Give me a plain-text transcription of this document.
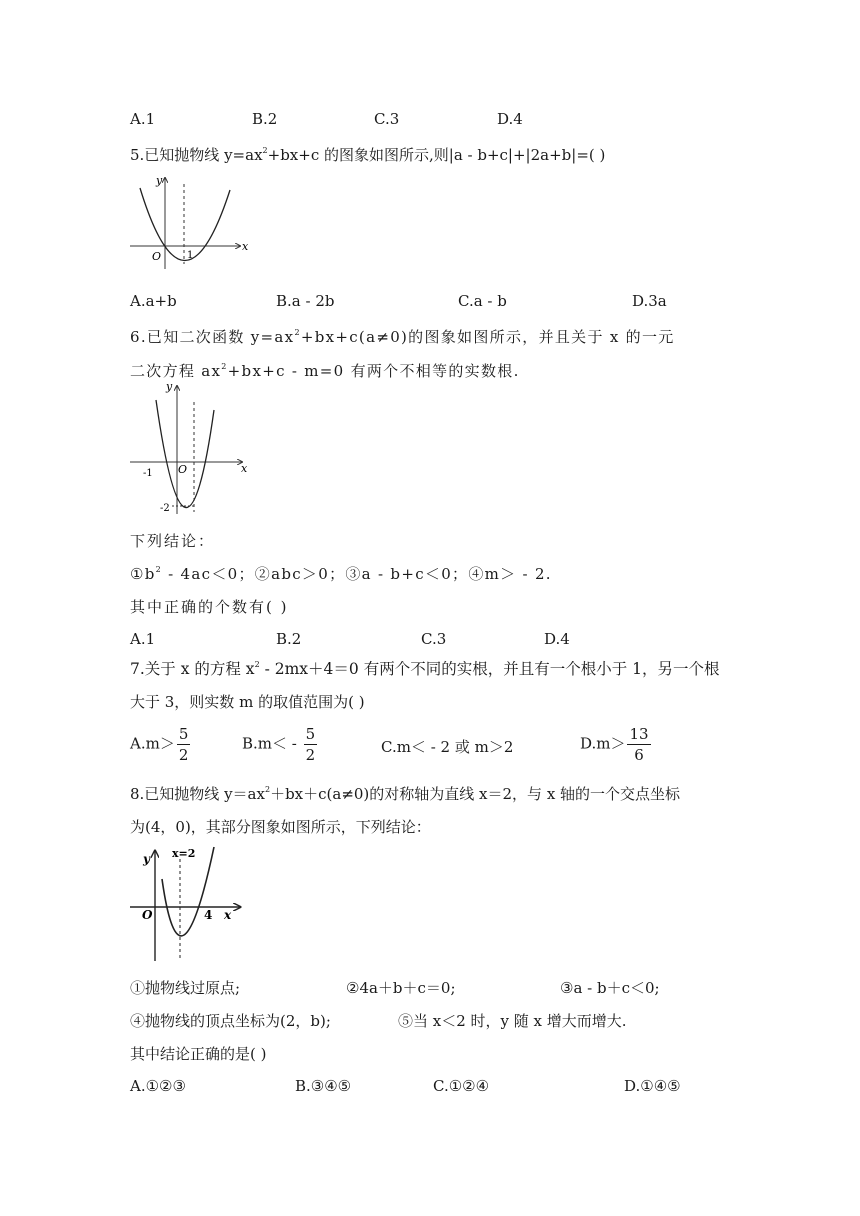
A.1	B.2	C.3	D.4
5.已知抛物线 $y=ax^2+bx+c$ 的图象如图所示,则|a - b+c|+|2a+b|=( )
y
x
O	1
A.a+b	B.a - 2b	C.a - b	D.3a
6.已知二次函数 $y=ax^2+bx+c(a\ne 0)$的图象如图所示，并且关于 x 的一元
二次方程 $ax^2+bx+c - m=0$ 有两个不相等的实数根.
y
x
O
-1
-2
下列结论：
$①b^2 - 4ac<0$；②abc＞0；③a - b+c＜0；④m＞ - 2.
其中正确的个数有( )
A.1	B.2	C.3	D.4
7.关于 x 的方程 $x^2 - 2mx+4=0$ 有两个不同的实根，并且有一个根小于 1，另一个根
大于 3，则实数 m 的取值范围为( )
$A.m> \frac{5}{2}$	$B.m< - \frac{5}{2}$	C.m＜ - 2 或 m＞2	$D.m> \frac{13}{6}$
8.已知抛物线 $y=ax^2+bx+c(a\ne 0)$的对称轴为直线 x＝2，与 x 轴的一个交点坐标
为(4，0)，其部分图象如图所示，下列结论：
y x=2
O	4 x
①抛物线过原点;	②4a＋b＋c＝0;	③a - b＋c＜0;
④抛物线的顶点坐标为(2，b);	⑤当 x＜2 时，y 随 x 增大而增大.
其中结论正确的是( )
A.①②③	B.③④⑤	C.①②④	D.①④⑤
